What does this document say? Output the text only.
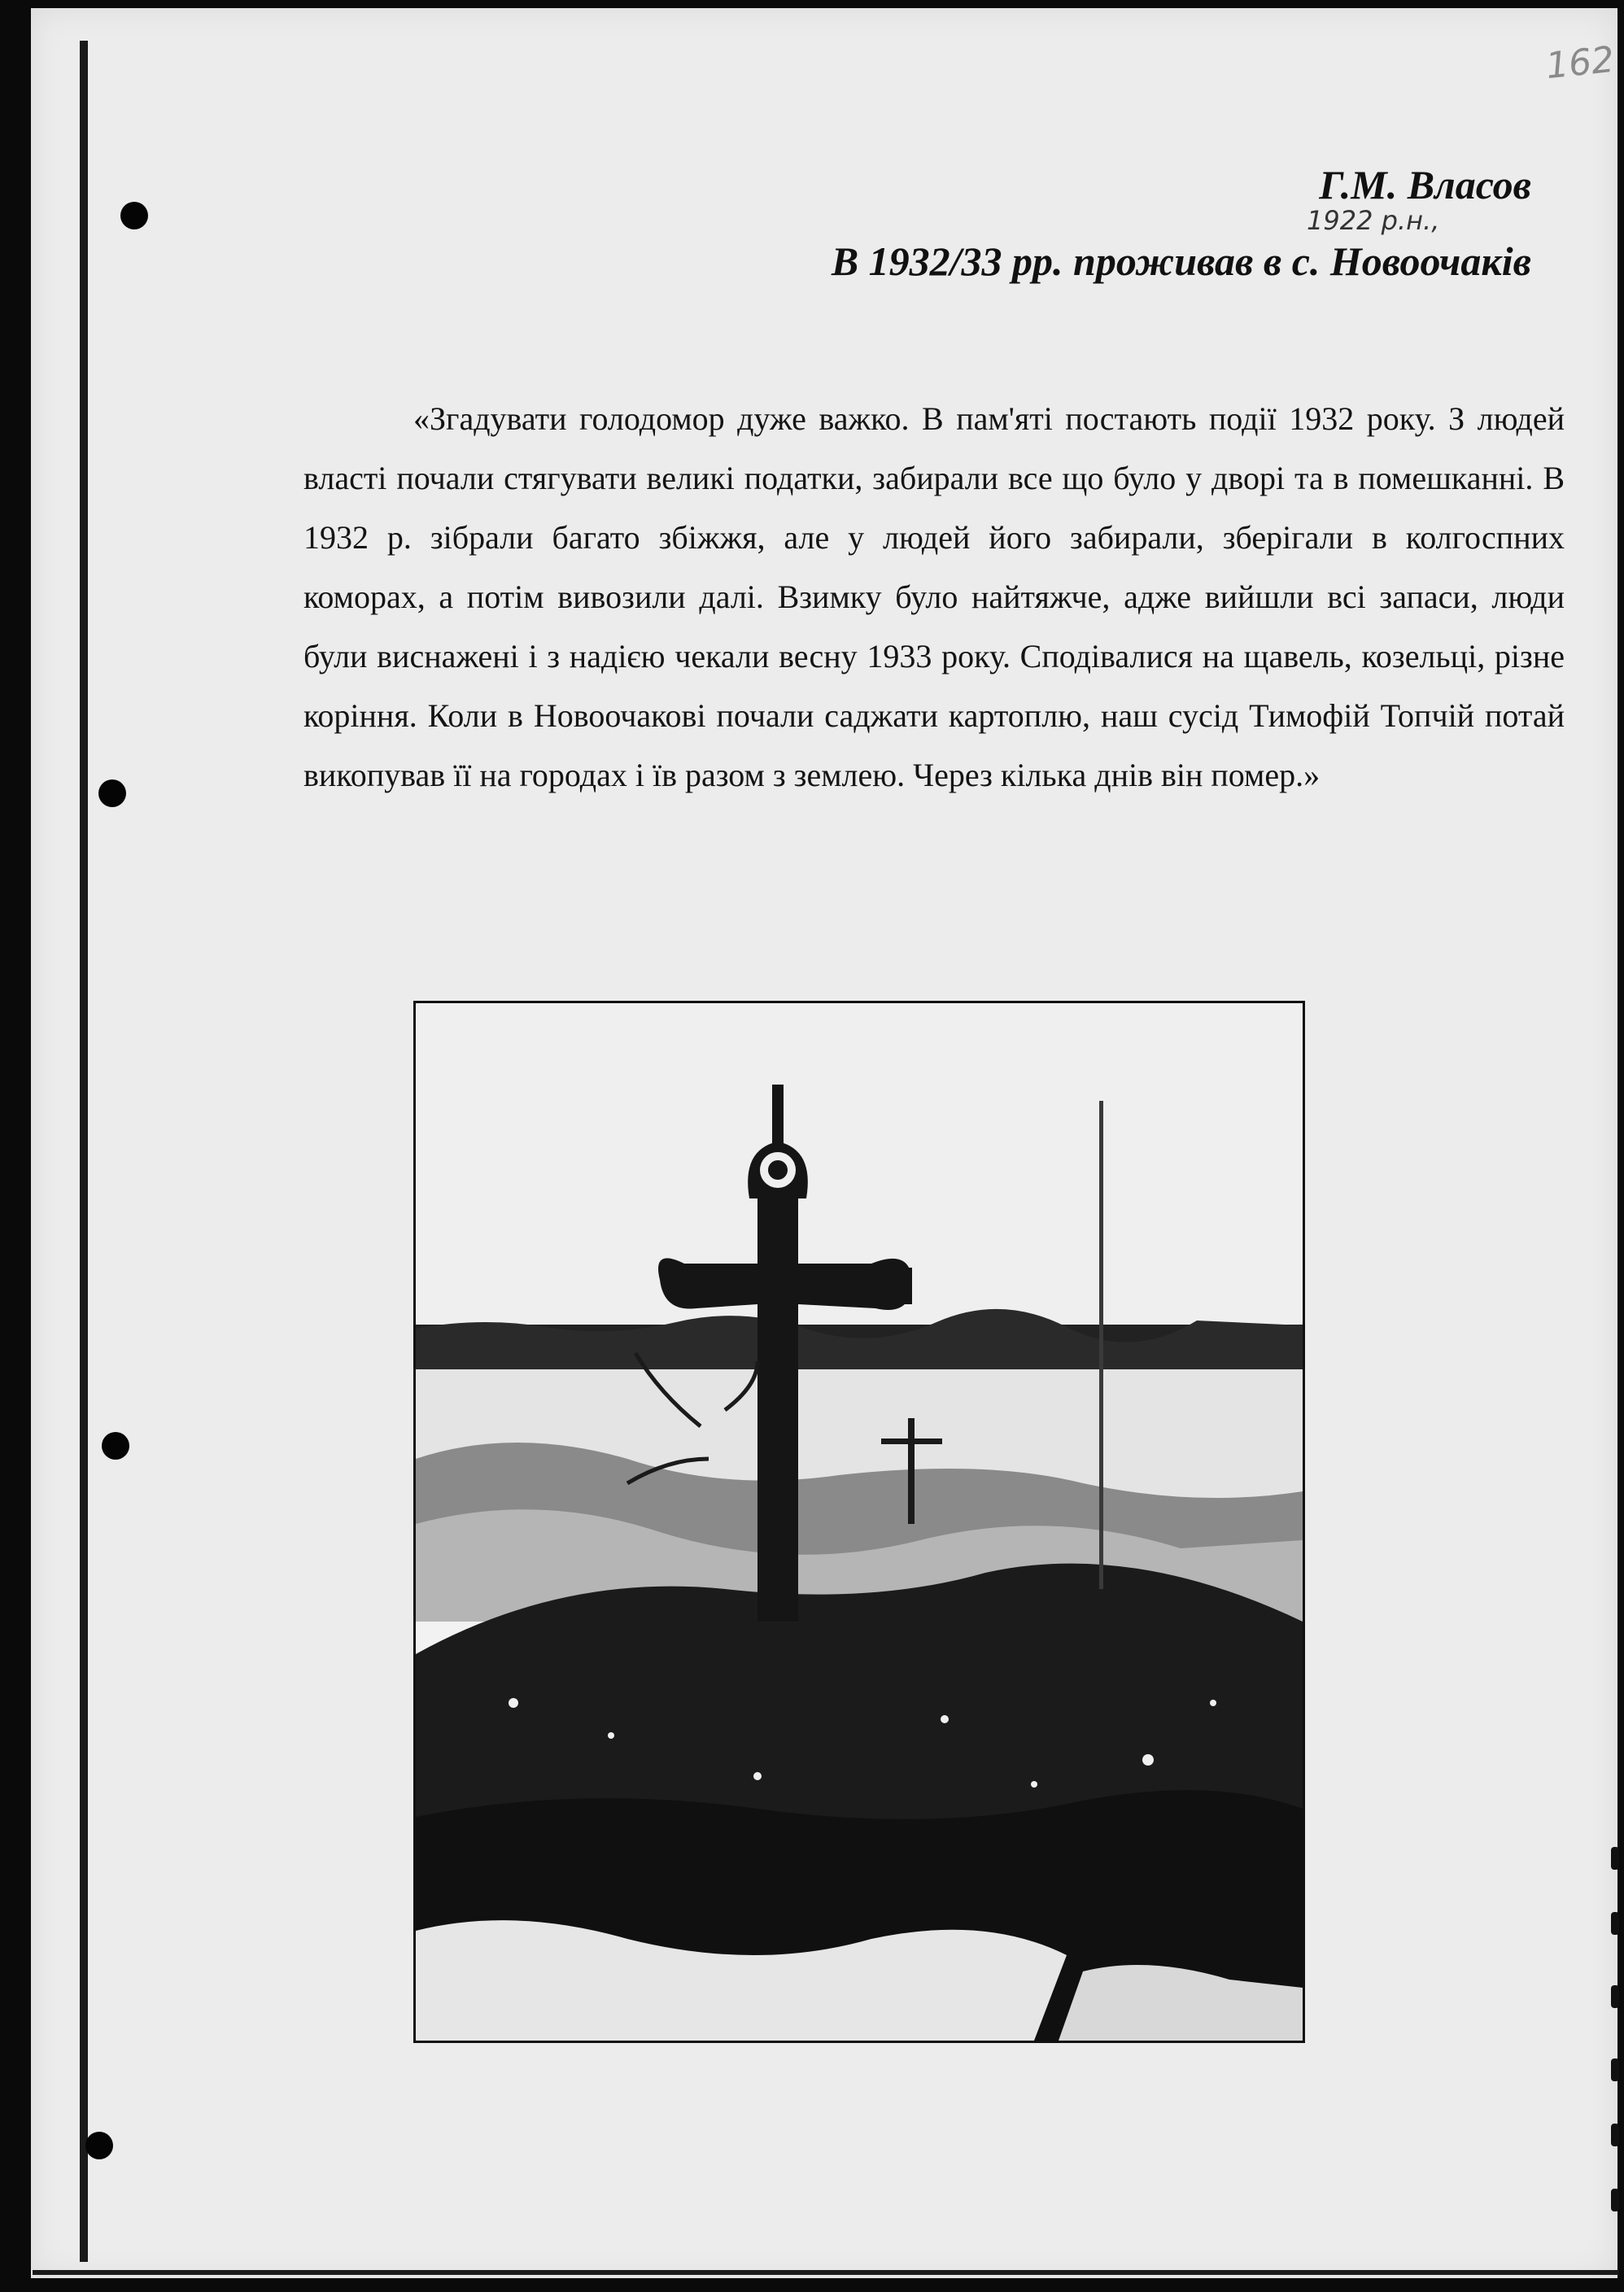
162
Г.М. Власов
1922 р.н.,
В 1932/33 рр. проживав в с. Новоочаків
«Згадувати голодомор дуже важко. В пам'яті постають події 1932 року. З людей власті почали стягувати великі податки, забирали все що було у дворі та в помешканні. В 1932 р. зібрали багато збіжжя, але у людей його забирали, зберігали в колгоспних коморах, а потім вивозили далі. Взимку було найтяжче, адже вийшли всі запаси, люди були виснажені і з надією чекали весну 1933 року. Сподівалися на щавель, козельці, різне коріння. Коли в Новоочакові почали саджати картоплю, наш сусід Тимофій Топчій потай викопував її на городах і їв разом з землею. Через кілька днів він помер.»
